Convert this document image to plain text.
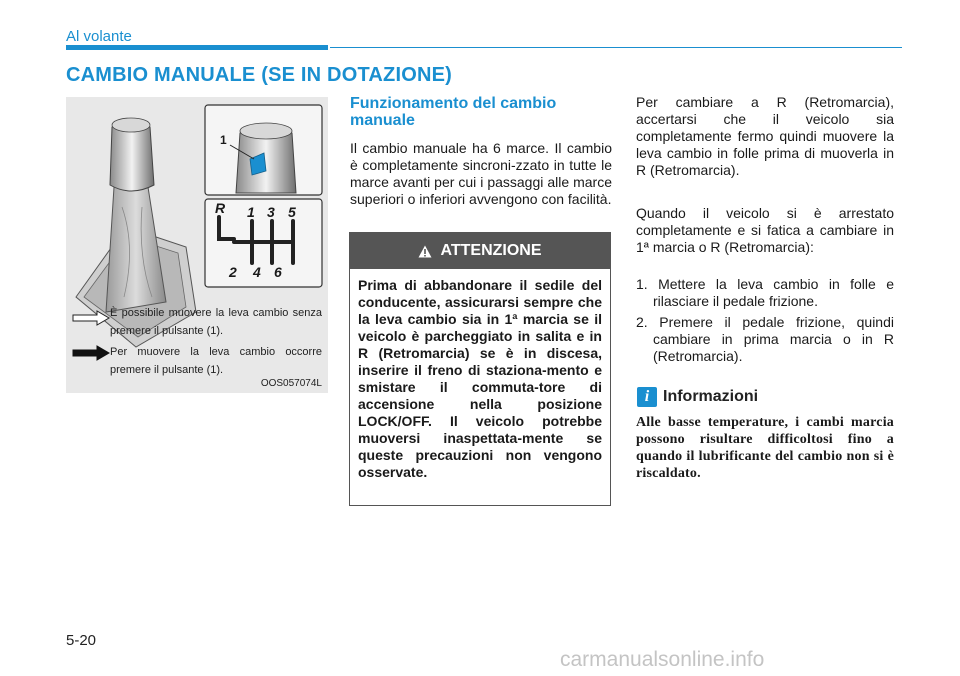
Al volante
CAMBIO MANUALE (SE IN DOTAZIONE)
1
R 1 3 5
2 4 6
È possibile muovere la leva cambio senza premere il pulsante (1).
Per muovere la leva cambio occorre premere il pulsante (1).
OOS057074L
Funzionamento del cambio manuale
Il cambio manuale ha 6 marce. Il cambio è completamente sincroni-zzato in tutte le marce avanti per cui i passaggi alle marce superiori o inferiori avvengono con facilità.
ATTENZIONE
Prima di abbandonare il sedile del conducente, assicurarsi sempre che la leva cambio sia in 1ª marcia se il veicolo è parcheggiato in salita e in R (Retromarcia) se è in discesa, inserire il freno di staziona-mento e smistare il commuta-tore di accensione nella posizione LOCK/OFF. Il veicolo potrebbe muoversi inaspettata-mente se queste precauzioni non vengono osservate.
Per cambiare a R (Retromarcia), accertarsi che il veicolo sia completamente fermo quindi muovere la leva cambio in folle prima di muoverla in R (Retromarcia).
Quando il veicolo si è arrestato completamente e si fatica a cambiare in 1ª marcia o R (Retromarcia):
1. Mettere la leva cambio in folle e rilasciare il pedale frizione.
2. Premere il pedale frizione, quindi cambiare in prima marcia o in R (Retromarcia).
i Informazioni
Alle basse temperature, i cambi marcia possono risultare difficoltosi fino a quando il lubrificante del cambio non si è riscaldato.
5-20
carmanualsonline.info
